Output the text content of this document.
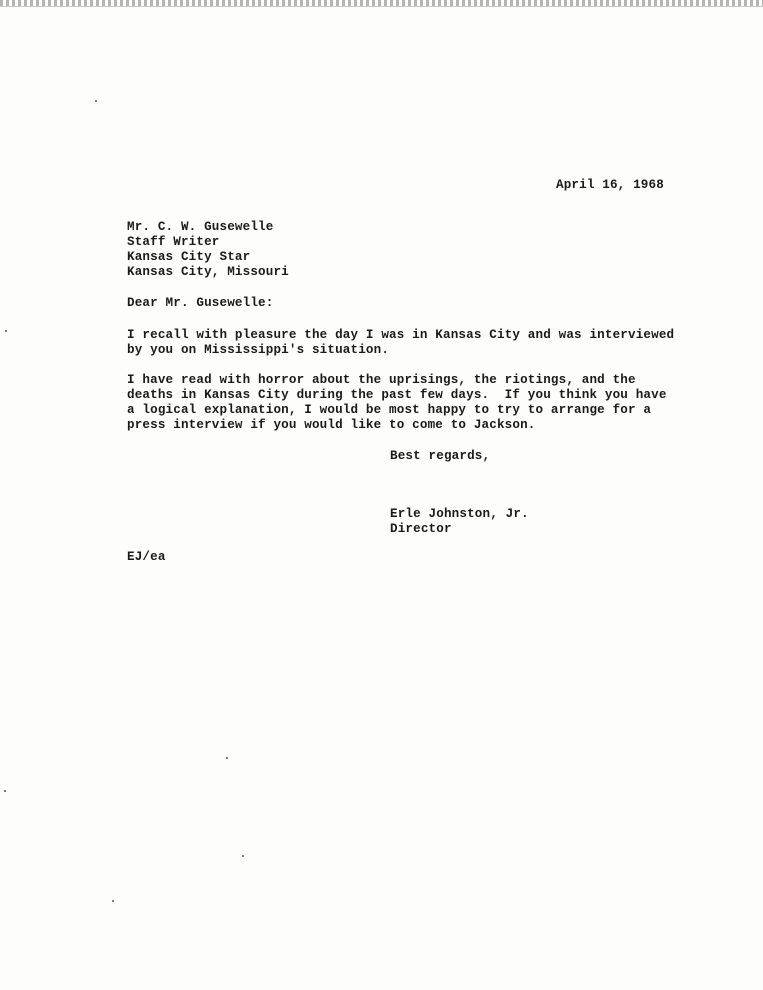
April 16, 1968
Mr. C. W. Gusewelle
Staff Writer
Kansas City Star
Kansas City, Missouri
Dear Mr. Gusewelle:
I recall with pleasure the day I was in Kansas City and was interviewed
by you on Mississippi's situation.
I have read with horror about the uprisings, the riotings, and the
deaths in Kansas City during the past few days.  If you think you have
a logical explanation, I would be most happy to try to arrange for a
press interview if you would like to come to Jackson.
Best regards,
Erle Johnston, Jr.
Director
EJ/ea
